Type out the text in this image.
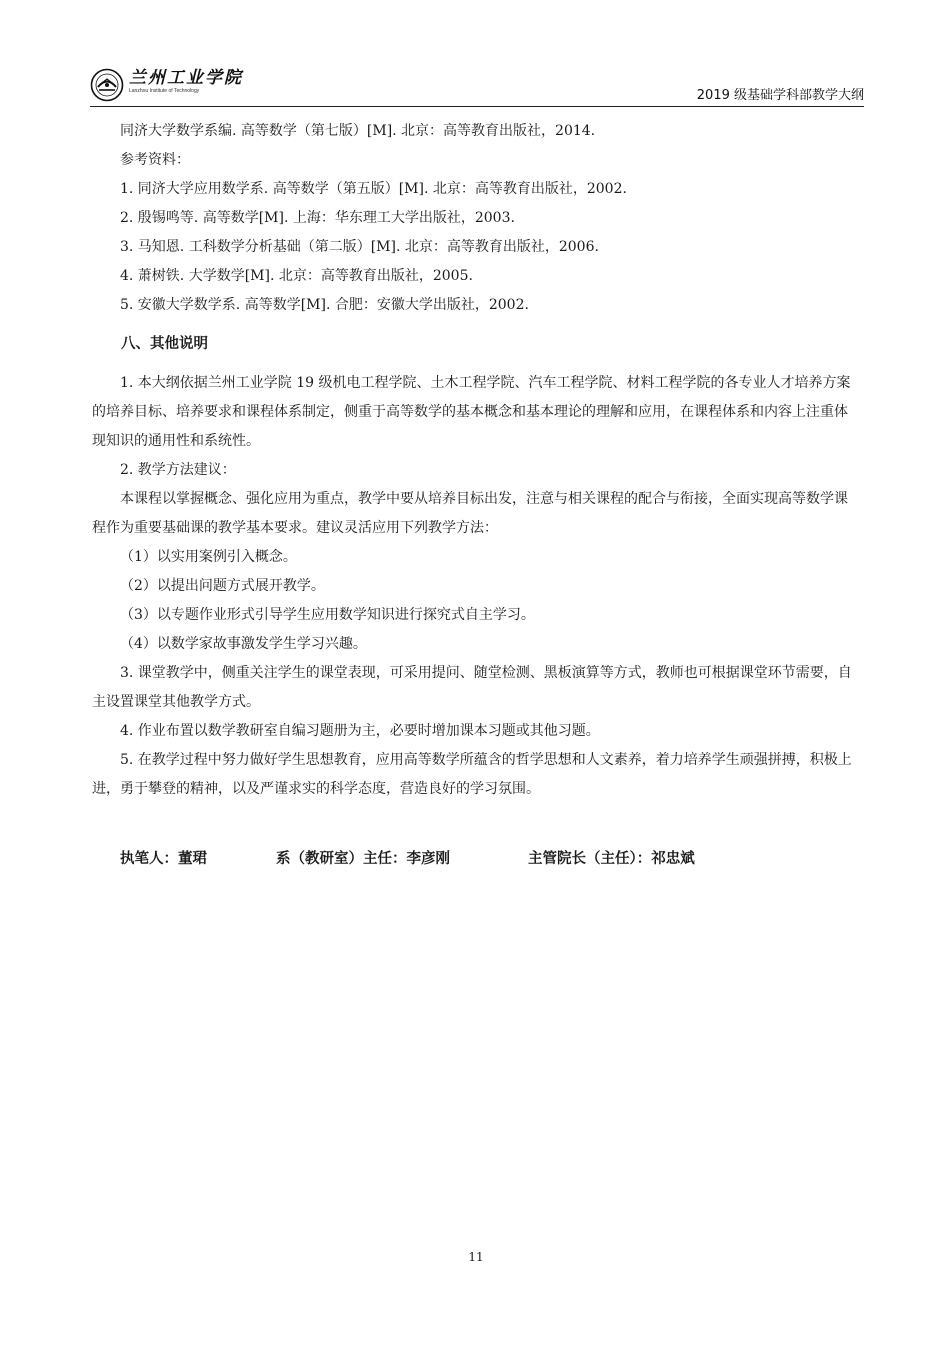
兰州工业学院
Lanzhou Institute of Technology	2019 级基础学科部教学大纲

同济大学数学系编. 高等数学（第七版）[M]. 北京：高等教育出版社，2014.

参考资料：

1. 同济大学应用数学系. 高等数学（第五版）[M]. 北京：高等教育出版社，2002.

2. 殷锡鸣等. 高等数学[M]. 上海：华东理工大学出版社，2003.

3. 马知恩. 工科数学分析基础（第二版）[M]. 北京：高等教育出版社，2006.

4. 萧树铁. 大学数学[M]. 北京：高等教育出版社，2005.

5. 安徽大学数学系. 高等数学[M]. 合肥：安徽大学出版社，2002.

八、其他说明

1. 本大纲依据兰州工业学院 19 级机电工程学院、土木工程学院、汽车工程学院、材料工程学院的各专业人才培养方案的培养目标、培养要求和课程体系制定，侧重于高等数学的基本概念和基本理论的理解和应用，在课程体系和内容上注重体现知识的通用性和系统性。

2. 教学方法建议：

本课程以掌握概念、强化应用为重点，教学中要从培养目标出发，注意与相关课程的配合与衔接，全面实现高等数学课程作为重要基础课的教学基本要求。建议灵活应用下列教学方法：

（1）以实用案例引入概念。

（2）以提出问题方式展开教学。

（3）以专题作业形式引导学生应用数学知识进行探究式自主学习。

（4）以数学家故事激发学生学习兴趣。

3. 课堂教学中，侧重关注学生的课堂表现，可采用提问、随堂检测、黑板演算等方式，教师也可根据课堂环节需要，自主设置课堂其他教学方式。

4. 作业布置以数学教研室自编习题册为主，必要时增加课本习题或其他习题。

5. 在教学过程中努力做好学生思想教育，应用高等数学所蕴含的哲学思想和人文素养，着力培养学生顽强拼搏，积极上进，勇于攀登的精神，以及严谨求实的科学态度，营造良好的学习氛围。

执笔人：董珺	系（教研室）主任：李彦刚	主管院长（主任）：祁忠斌
11
